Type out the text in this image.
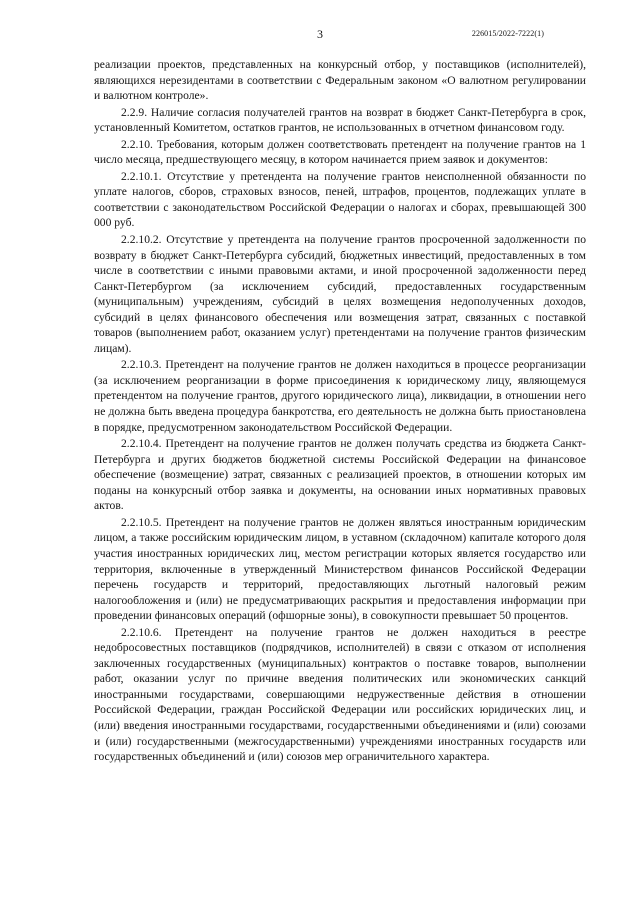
3	226015/2022-7222(1)

реализации проектов, представленных на конкурсный отбор, у поставщиков (исполнителей), являющихся нерезидентами в соответствии с Федеральным законом «О валютном регулировании и валютном контроле».

2.2.9. Наличие согласия получателей грантов на возврат в бюджет Санкт-Петербурга в срок, установленный Комитетом, остатков грантов, не использованных в отчетном финансовом году.

2.2.10. Требования, которым должен соответствовать претендент на получение грантов на 1 число месяца, предшествующего месяцу, в котором начинается прием заявок и документов:

2.2.10.1. Отсутствие у претендента на получение грантов неисполненной обязанности по уплате налогов, сборов, страховых взносов, пеней, штрафов, процентов, подлежащих уплате в соответствии с законодательством Российской Федерации о налогах и сборах, превышающей 300 000 руб.

2.2.10.2. Отсутствие у претендента на получение грантов просроченной задолженности по возврату в бюджет Санкт-Петербурга субсидий, бюджетных инвестиций, предоставленных в том числе в соответствии с иными правовыми актами, и иной просроченной задолженности перед Санкт-Петербургом (за исключением субсидий, предоставленных государственным (муниципальным) учреждениям, субсидий в целях возмещения недополученных доходов, субсидий в целях финансового обеспечения или возмещения затрат, связанных с поставкой товаров (выполнением работ, оказанием услуг) претендентами на получение грантов физическим лицам).

2.2.10.3. Претендент на получение грантов не должен находиться в процессе реорганизации (за исключением реорганизации в форме присоединения к юридическому лицу, являющемуся претендентом на получение грантов, другого юридического лица), ликвидации, в отношении него не должна быть введена процедура банкротства, его деятельность не должна быть приостановлена в порядке, предусмотренном законодательством Российской Федерации.

2.2.10.4. Претендент на получение грантов не должен получать средства из бюджета Санкт-Петербурга и других бюджетов бюджетной системы Российской Федерации на финансовое обеспечение (возмещение) затрат, связанных с реализацией проектов, в отношении которых им поданы на конкурсный отбор заявка и документы, на основании иных нормативных правовых актов.

2.2.10.5. Претендент на получение грантов не должен являться иностранным юридическим лицом, а также российским юридическим лицом, в уставном (складочном) капитале которого доля участия иностранных юридических лиц, местом регистрации которых является государство или территория, включенные в утвержденный Министерством финансов Российской Федерации перечень государств и территорий, предоставляющих льготный налоговый режим налогообложения и (или) не предусматривающих раскрытия и предоставления информации при проведении финансовых операций (офшорные зоны), в совокупности превышает 50 процентов.

2.2.10.6. Претендент на получение грантов не должен находиться в реестре недобросовестных поставщиков (подрядчиков, исполнителей) в связи с отказом от исполнения заключенных государственных (муниципальных) контрактов о поставке товаров, выполнении работ, оказании услуг по причине введения политических или экономических санкций иностранными государствами, совершающими недружественные действия в отношении Российской Федерации, граждан Российской Федерации или российских юридических лиц, и (или) введения иностранными государствами, государственными объединениями и (или) союзами и (или) государственными (межгосударственными) учреждениями иностранных государств или государственных объединений и (или) союзов мер ограничительного характера.
